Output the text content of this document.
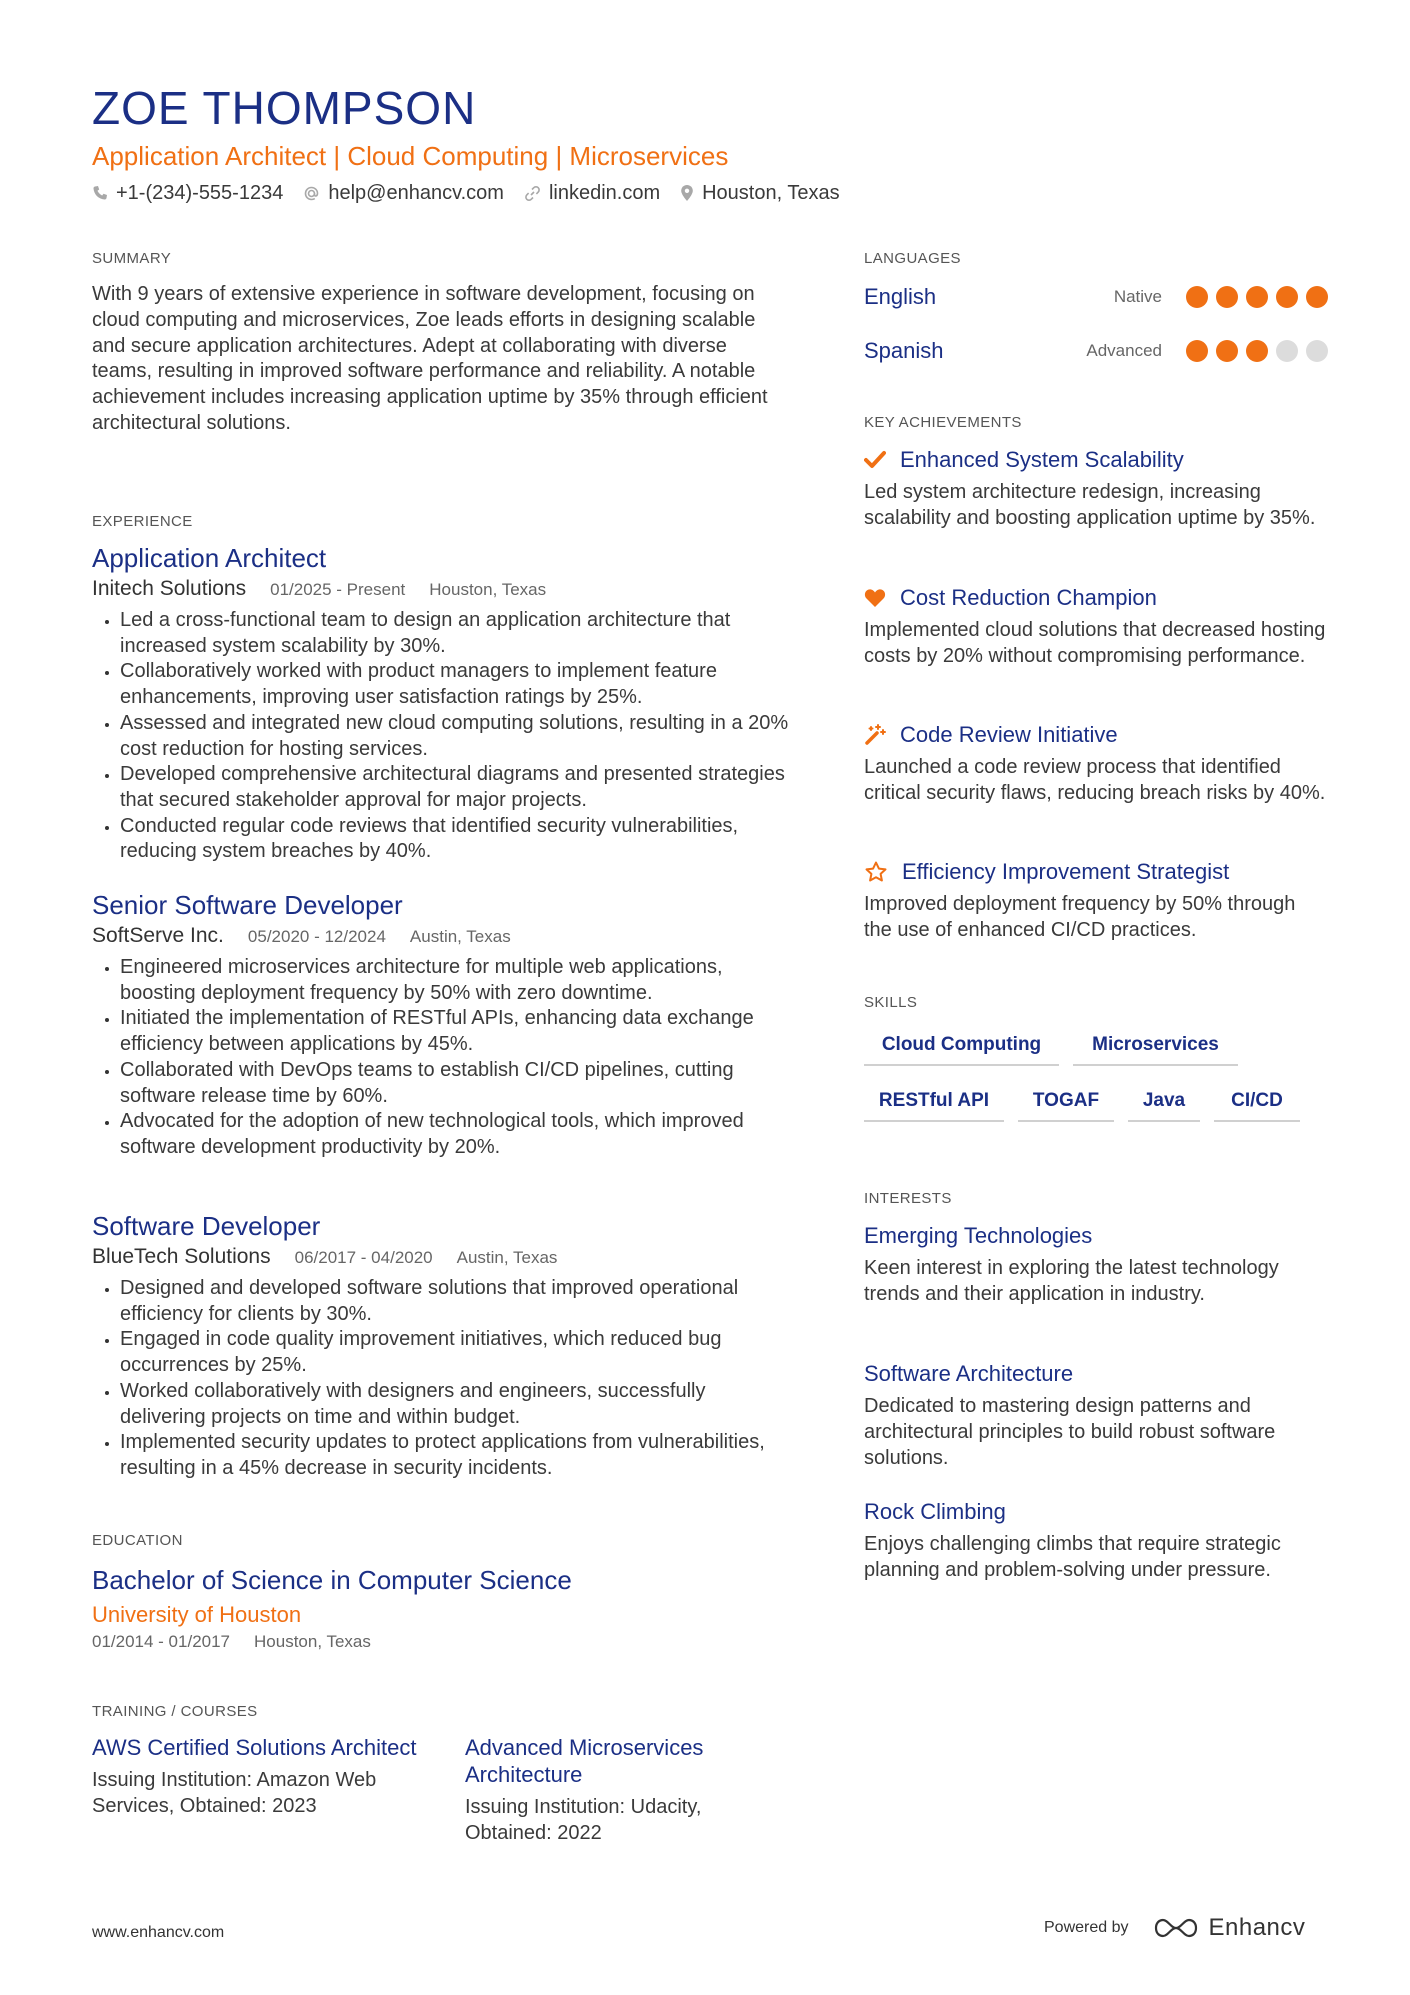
ZOE THOMPSON
Application Architect | Cloud Computing | Microservices
+1-(234)-555-1234 help@enhancv.com linkedin.com Houston, Texas
SUMMARY

With 9 years of extensive experience in software development, focusing on cloud computing and microservices, Zoe leads efforts in designing scalable and secure application architectures. Adept at collaborating with diverse teams, resulting in improved software performance and reliability. A notable achievement includes increasing application uptime by 35% through efficient architectural solutions.

EXPERIENCE
Application Architect
Initech Solutions 01/2025 - Present Houston, Texas
• Led a cross-functional team to design an application architecture that increased system scalability by 30%.
• Collaboratively worked with product managers to implement feature enhancements, improving user satisfaction ratings by 25%.
• Assessed and integrated new cloud computing solutions, resulting in a 20% cost reduction for hosting services.
• Developed comprehensive architectural diagrams and presented strategies that secured stakeholder approval for major projects.
• Conducted regular code reviews that identified security vulnerabilities, reducing system breaches by 40%.
Senior Software Developer
SoftServe Inc. 05/2020 - 12/2024 Austin, Texas
• Engineered microservices architecture for multiple web applications, boosting deployment frequency by 50% with zero downtime.
• Initiated the implementation of RESTful APIs, enhancing data exchange efficiency between applications by 45%.
• Collaborated with DevOps teams to establish CI/CD pipelines, cutting software release time by 60%.
• Advocated for the adoption of new technological tools, which improved software development productivity by 20%.
Software Developer
BlueTech Solutions 06/2017 - 04/2020 Austin, Texas
• Designed and developed software solutions that improved operational efficiency for clients by 30%.
• Engaged in code quality improvement initiatives, which reduced bug occurrences by 25%.
• Worked collaboratively with designers and engineers, successfully delivering projects on time and within budget.
• Implemented security updates to protect applications from vulnerabilities, resulting in a 45% decrease in security incidents.
EDUCATION
Bachelor of Science in Computer Science
University of Houston
01/2014 - 01/2017 Houston, Texas
TRAINING / COURSES
AWS Certified Solutions Architect
Issuing Institution: Amazon Web Services, Obtained: 2023
Advanced Microservices Architecture
Issuing Institution: Udacity, Obtained: 2022
LANGUAGES
English	Native
Spanish	Advanced
KEY ACHIEVEMENTS
Enhanced System Scalability
Led system architecture redesign, increasing scalability and boosting application uptime by 35%.
Cost Reduction Champion
Implemented cloud solutions that decreased hosting costs by 20% without compromising performance.
Code Review Initiative
Launched a code review process that identified critical security flaws, reducing breach risks by 40%.
Efficiency Improvement Strategist
Improved deployment frequency by 50% through the use of enhanced CI/CD practices.
SKILLS
Cloud Computing	Microservices
RESTful API	TOGAF	Java	CI/CD
INTERESTS
Emerging Technologies
Keen interest in exploring the latest technology trends and their application in industry.
Software Architecture
Dedicated to mastering design patterns and architectural principles to build robust software solutions.
Rock Climbing
Enjoys challenging climbs that require strategic planning and problem-solving under pressure.
www.enhancv.com	Powered by	Enhancv
